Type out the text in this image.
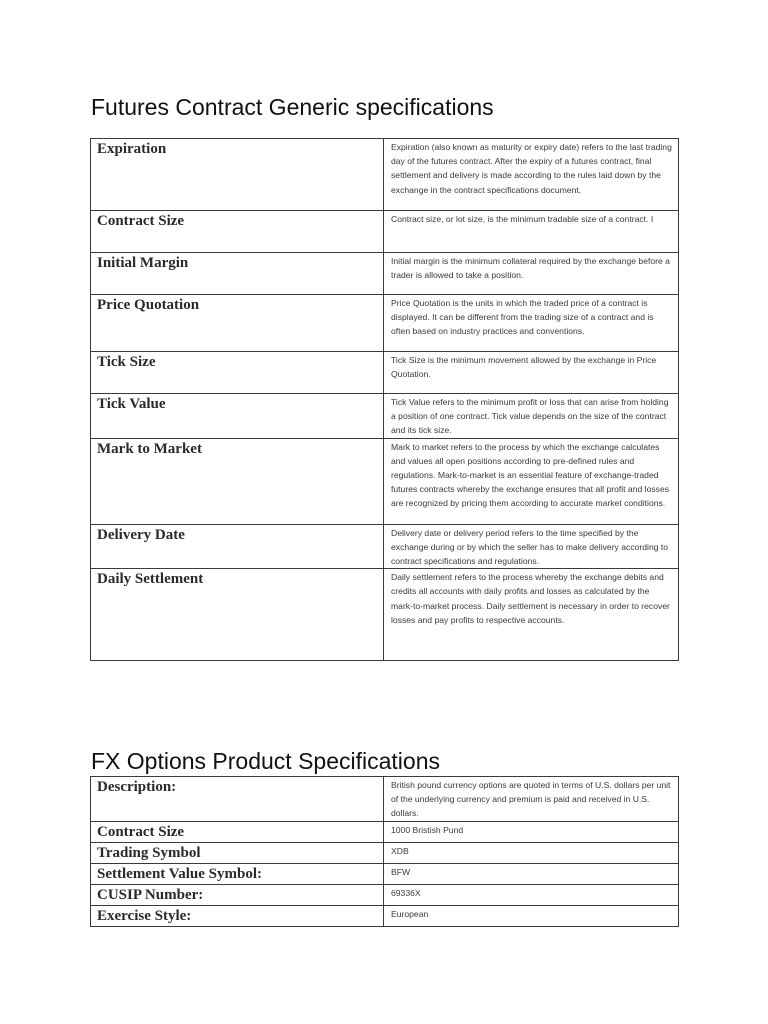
Futures Contract Generic specifications
Expiration	Expiration (also known as maturity or expiry date) refers to the last trading day of the futures contract. After the expiry of a futures contract, final settlement and delivery is made according to the rules laid down by the exchange in the contract specifications document.

Contract Size	Contract size, or lot size, is the minimum tradable size of a contract. I

Initial Margin	Initial margin is the minimum collateral required by the exchange before a trader is allowed to take a position.

Price Quotation	Price Quotation is the units in which the traded price of a contract is displayed. It can be different from the trading size of a contract and is often based on industry practices and conventions.

Tick Size	Tick Size is the minimum movement allowed by the exchange in Price Quotation.

Tick Value	Tick Value refers to the minimum profit or loss that can arise from holding a position of one contract. Tick value depends on the size of the contract and its tick size.

Mark to Market	Mark to market refers to the process by which the exchange calculates and values all open positions according to pre-defined rules and regulations. Mark-to-market is an essential feature of exchange-traded futures contracts whereby the exchange ensures that all profit and losses are recognized by pricing them according to accurate market conditions.

Delivery Date	Delivery date or delivery period refers to the time specified by the exchange during or by which the seller has to make delivery according to contract specifications and regulations.

Daily Settlement	Daily settlement refers to the process whereby the exchange debits and credits all accounts with daily profits and losses as calculated by the mark-to-market process. Daily settlement is necessary in order to recover losses and pay profits to respective accounts.
FX Options Product Specifications
Description:	British pound currency options are quoted in terms of U.S. dollars per unit of the underlying currency and premium is paid and received in U.S. dollars.

Contract Size	1000 Bristish Pund

Trading Symbol	XDB

Settlement Value Symbol:	BFW

CUSIP Number:	69336X

Exercise Style:	European
